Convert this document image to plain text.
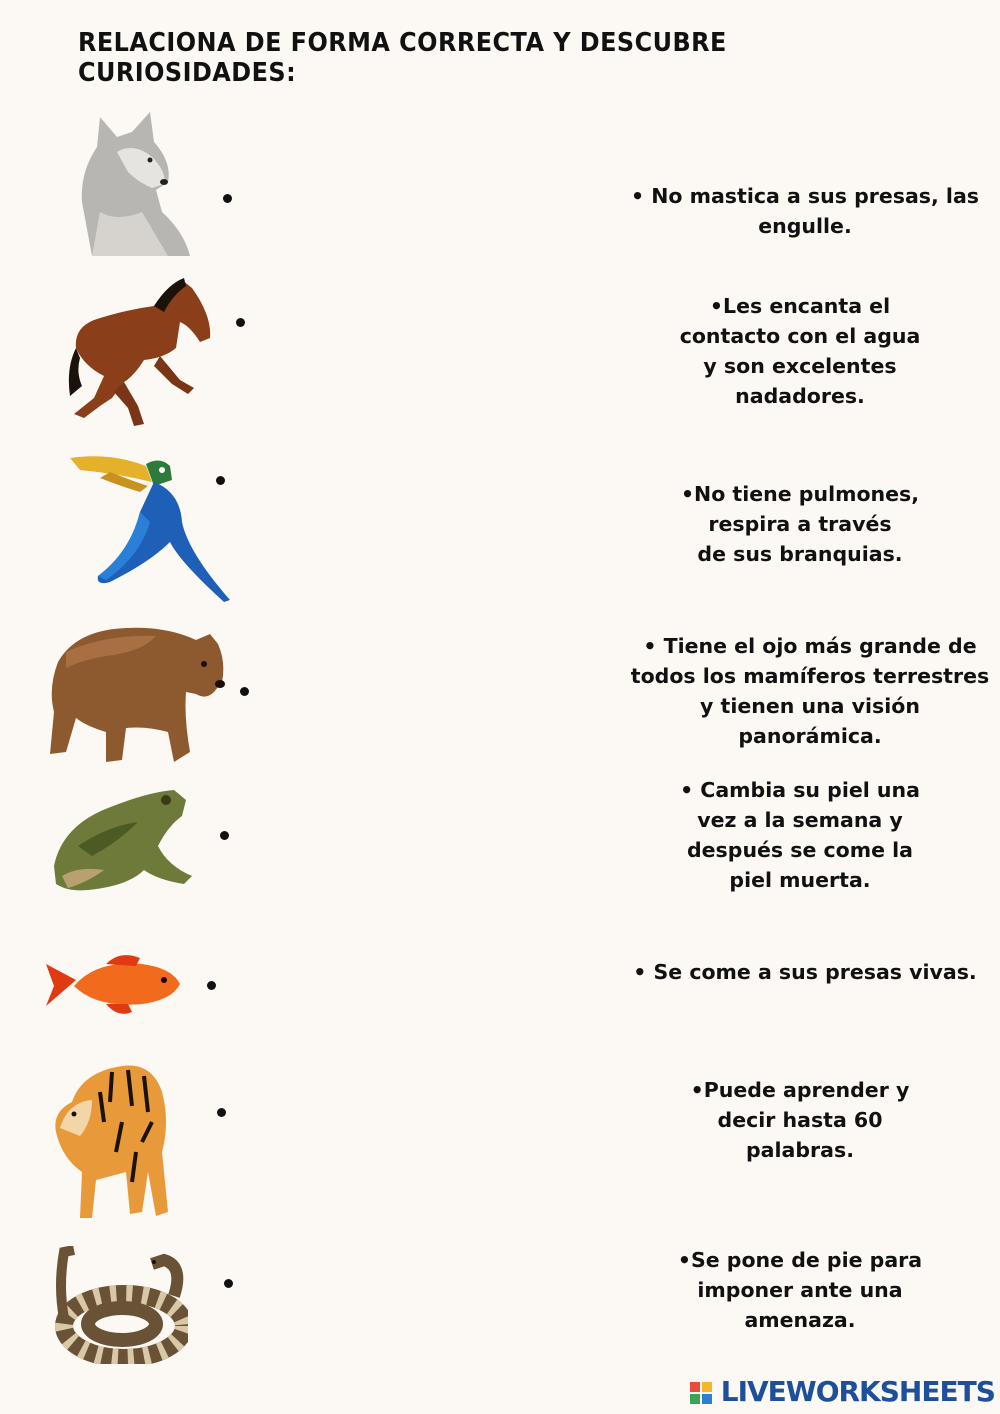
RELACIONA DE FORMA CORRECTA Y DESCUBRE CURIOSIDADES:
• No mastica a sus presas, las
engulle.
•Les encanta el
contacto con el agua
y son excelentes
nadadores.
•No tiene pulmones,
respira a través
de sus branquias.
• Tiene el ojo más grande de
todos los mamíferos terrestres
y tienen una visión
panorámica.
• Cambia su piel una
vez a la semana y
después se come la
piel muerta.
• Se come a sus presas vivas.
•Puede aprender y
decir hasta 60
palabras.
•Se pone de pie para
imponer ante una
amenaza.
LIVEWORKSHEETS
